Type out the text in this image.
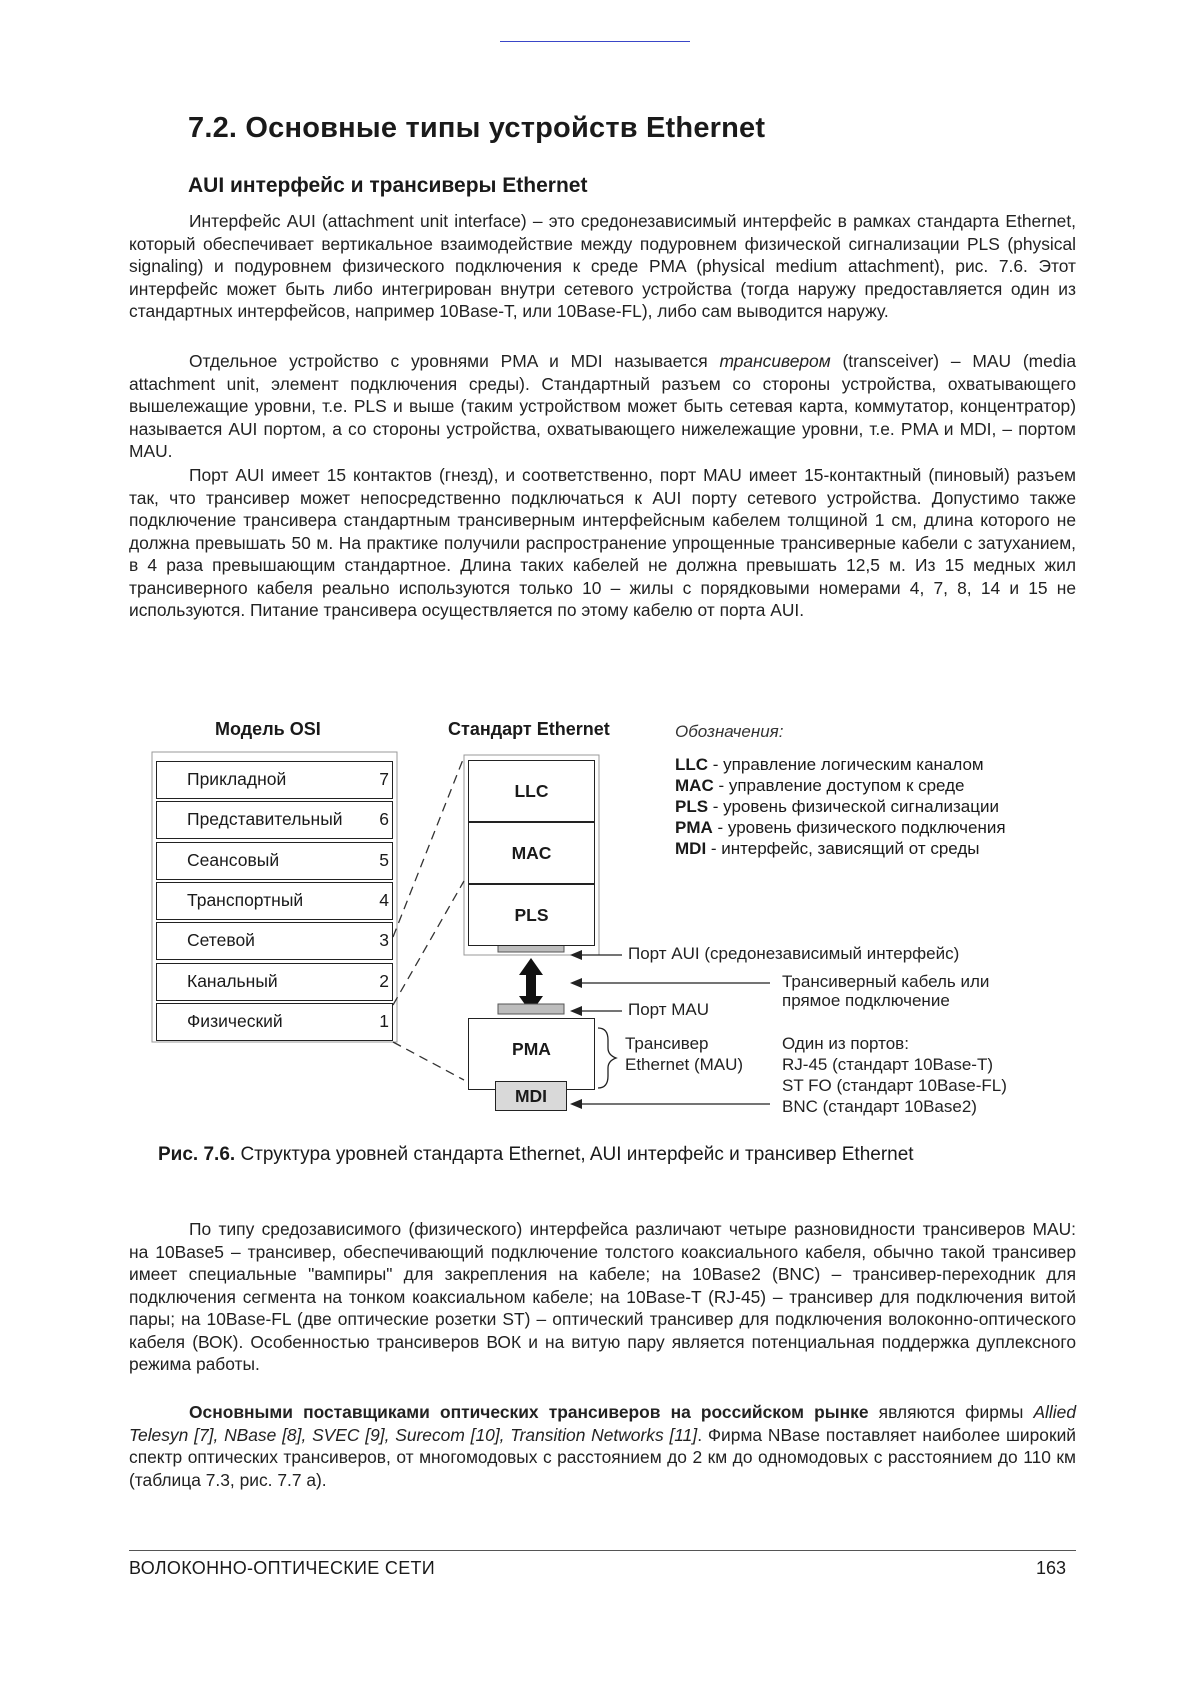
7.2. Основные типы устройств Ethernet
AUI интерфейс и трансиверы Ethernet

Интерфейс AUI (attachment unit interface) – это средонезависимый интерфейс в рамках стандарта Ethernet, который обеспечивает вертикальное взаимодействие между подуровнем физической сигнализации PLS (physical signaling) и подуровнем физического подключения к среде PMA (physical medium attachment), рис. 7.6. Этот интерфейс может быть либо интегрирован внутри сетевого устройства (тогда наружу предоставляется один из стандартных интерфейсов, например 10Base-T, или 10Base-FL), либо сам выводится наружу.

Отдельное устройство с уровнями PMA и MDI называется трансивером (transceiver) – MAU (media attachment unit, элемент подключения среды). Стандартный разъем со стороны устройства, охватывающего вышележащие уровни, т.е. PLS и выше (таким устройством может быть сетевая карта, коммутатор, концентратор) называется AUI портом, а со стороны устройства, охватывающего нижележащие уровни, т.е. PMA и MDI, – портом MAU.

Порт AUI имеет 15 контактов (гнезд), и соответственно, порт MAU имеет 15-контактный (пиновый) разъем так, что трансивер может непосредственно подключаться к AUI порту сетевого устройства. Допустимо также подключение трансивера стандартным трансиверным интерфейсным кабелем толщиной 1 см, длина которого не должна превышать 50 м. На практике получили распространение упрощенные трансиверные кабели с затуханием, в 4 раза превышающим стандартное. Длина таких кабелей не должна превышать 12,5 м. Из 15 медных жил трансиверного кабеля реально используются только 10 – жилы с порядковыми номерами 4, 7, 8, 14 и 15 не используются. Питание трансивера осуществляется по этому кабелю от порта AUI.

Модель OSI	Стандарт Ethernet	Обозначения:
Прикладной	7
Представительный 6
Сеансовый	5
Транспортный	4
Сетевой	3
Канальный	2
Физический	1
LLC
MAC
PLS
PMA
MDI
LLC - управление логическим каналом
MAC - управление доступом к среде
PLS - уровень физической сигнализации
PMA - уровень физического подключения
MDI - интерфейс, зависящий от среды
Порт AUI (средонезависимый интерфейс)
Трансиверный кабель или
прямое подключение
Порт MAU
Трансивер
Ethernet (MAU)
Один из портов:
RJ-45 (стандарт 10Base-T)
ST FO (стандарт 10Base-FL)
BNC (стандарт 10Base2)
Рис. 7.6. Структура уровней стандарта Ethernet, AUI интерфейс и трансивер Ethernet

По типу средозависимого (физического) интерфейса различают четыре разновидности трансиверов MAU: на 10Base5 – трансивер, обеспечивающий подключение толстого коаксиального кабеля, обычно такой трансивер имеет специальные "вампиры" для закрепления на кабеле; на 10Base2 (BNC) – трансивер-переходник для подключения сегмента на тонком коаксиальном кабеле; на 10Base-T (RJ-45) – трансивер для подключения витой пары; на 10Base-FL (две оптические розетки ST) – оптический трансивер для подключения волоконно-оптического кабеля (ВОК). Особенностью трансиверов ВОК и на витую пару является потенциальная поддержка дуплексного режима работы.

Основными поставщиками оптических трансиверов на российском рынке являются фирмы Allied Telesyn [7], NBase [8], SVEC [9], Surecom [10], Transition Networks [11]. Фирма NBase поставляет наиболее широкий спектр оптических трансиверов, от многомодовых с расстоянием до 2 км до одномодовых с расстоянием до 110 км (таблица 7.3, рис. 7.7 а).

ВОЛОКОННО-ОПТИЧЕСКИЕ СЕТИ	163
